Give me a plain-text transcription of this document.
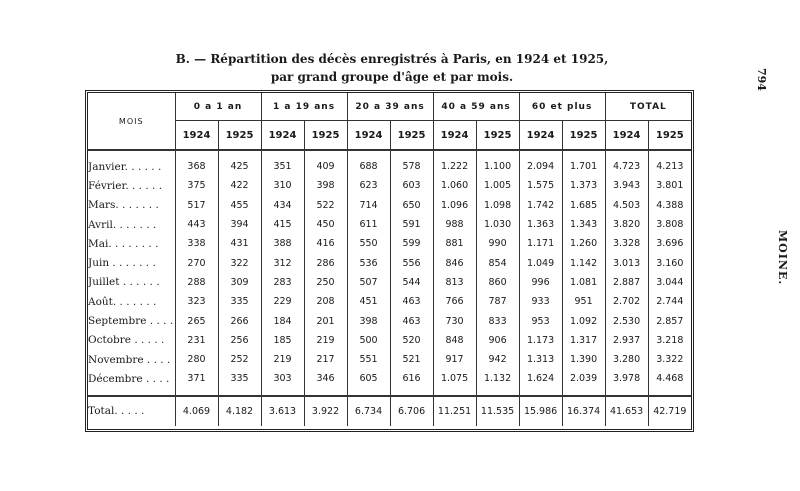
B. — Répartition des décès enregistrés à Paris, en 1924 et 1925,
par grand groupe d'âge et par mois.	794
MOINE.
MOIS	0 a 1 an		1 a 19 ans		20 a 39 ans		40 a 59 ans		60 et plus		TOTAL	
	1924	1925	1924	1925	1924	1925	1924	1925	1924	1925	1924	1925
Janvier. . . . . .	368	425	351	409	688	578	1.222	1.100	2.094	1.701	4.723	4.213
Février. . . . . .	375	422	310	398	623	603	1.060	1.005	1.575	1.373	3.943	3.801
Mars. . . . . . .	517	455	434	522	714	650	1.096	1.098	1.742	1.685	4.503	4.388
Avril. . . . . . .	443	394	415	450	611	591	988	1.030	1.363	1.343	3.820	3.808
Mai. . . . . . . .	338	431	388	416	550	599	881	990	1.171	1.260	3.328	3.696
Juin . . . . . . .	270	322	312	286	536	556	846	854	1.049	1.142	3.013	3.160
Juillet . . . . . .	288	309	283	250	507	544	813	860	996	1.081	2.887	3.044
Août. . . . . . .	323	335	229	208	451	463	766	787	933	951	2.702	2.744
Septembre . . . .	265	266	184	201	398	463	730	833	953	1.092	2.530	2.857
Octobre . . . . .	231	256	185	219	500	520	848	906	1.173	1.317	2.937	3.218
Novembre . . . .	280	252	219	217	551	521	917	942	1.313	1.390	3.280	3.322
Décembre . . . .	371	335	303	346	605	616	1.075	1.132	1.624	2.039	3.978	4.468
Total. . . . .	4.069	4.182	3.613	3.922	6.734	6.706	11.251	11.535	15.986	16.374	41.653	42.719
